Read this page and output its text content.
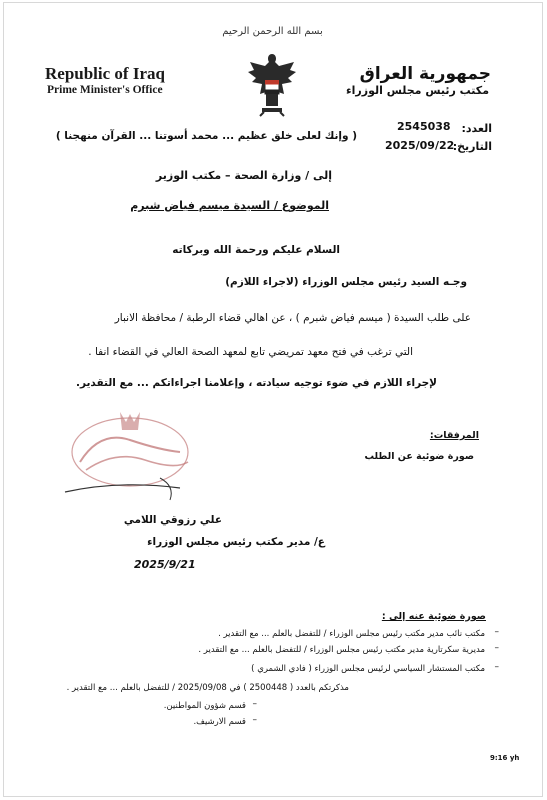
بسم الله الرحمن الرحيم
Republic of Iraq
Prime Minister's Office
جمهورية العراق
مكتب رئيس مجلس الوزراء
العدد:
2545038
التاريخ:
2025/09/22
( وإنك لعلى خلق عظيم ... محمد أسوتنا ... القرآن منهجنا )
إلى / وزارة الصحة – مكتب الوزير
الموضوع / السيدة ميسم فياض شبرم
السلام عليكم ورحمة الله وبركاته
وجـه السيد رئيس مجلس الوزراء (لاجراء اللازم)
على طلب السيدة ( ميسم فياض شبرم ) ، عن اهالي قضاء الرطبة / محافظة الانبار
التي ترغب في فتح معهد تمريضي تابع لمعهد الصحة العالي في القضاء انفا .
لإجراء اللازم في ضوء توجيه سيادته ، وإعلامنا اجراءاتكم ... مع التقدير.
المرفقات:
صورة ضوئية عن الطلب
علي رزوقي اللامي
ع/ مدير مكتب رئيس مجلس الوزراء
2025/9/21
صورة ضوئية عنه إلى :
مكتب نائب مدير مكتب رئيس مجلس الوزراء / للتفضل بالعلم ... مع التقدير . –
مديرية سكرتارية مدير مكتب رئيس مجلس الوزراء / للتفضل بالعلم ... مع التقدير . –
مكتب المستشار السياسي لرئيس مجلس الوزراء ( فادي الشمري ) –
مذكرتكم بالعدد ( 2500448 ) في 2025/09/08 / للتفضل بالعلم ... مع التقدير .
قسم شؤون المواطنين. –
قسم الارشيف. –
9:16 yh
